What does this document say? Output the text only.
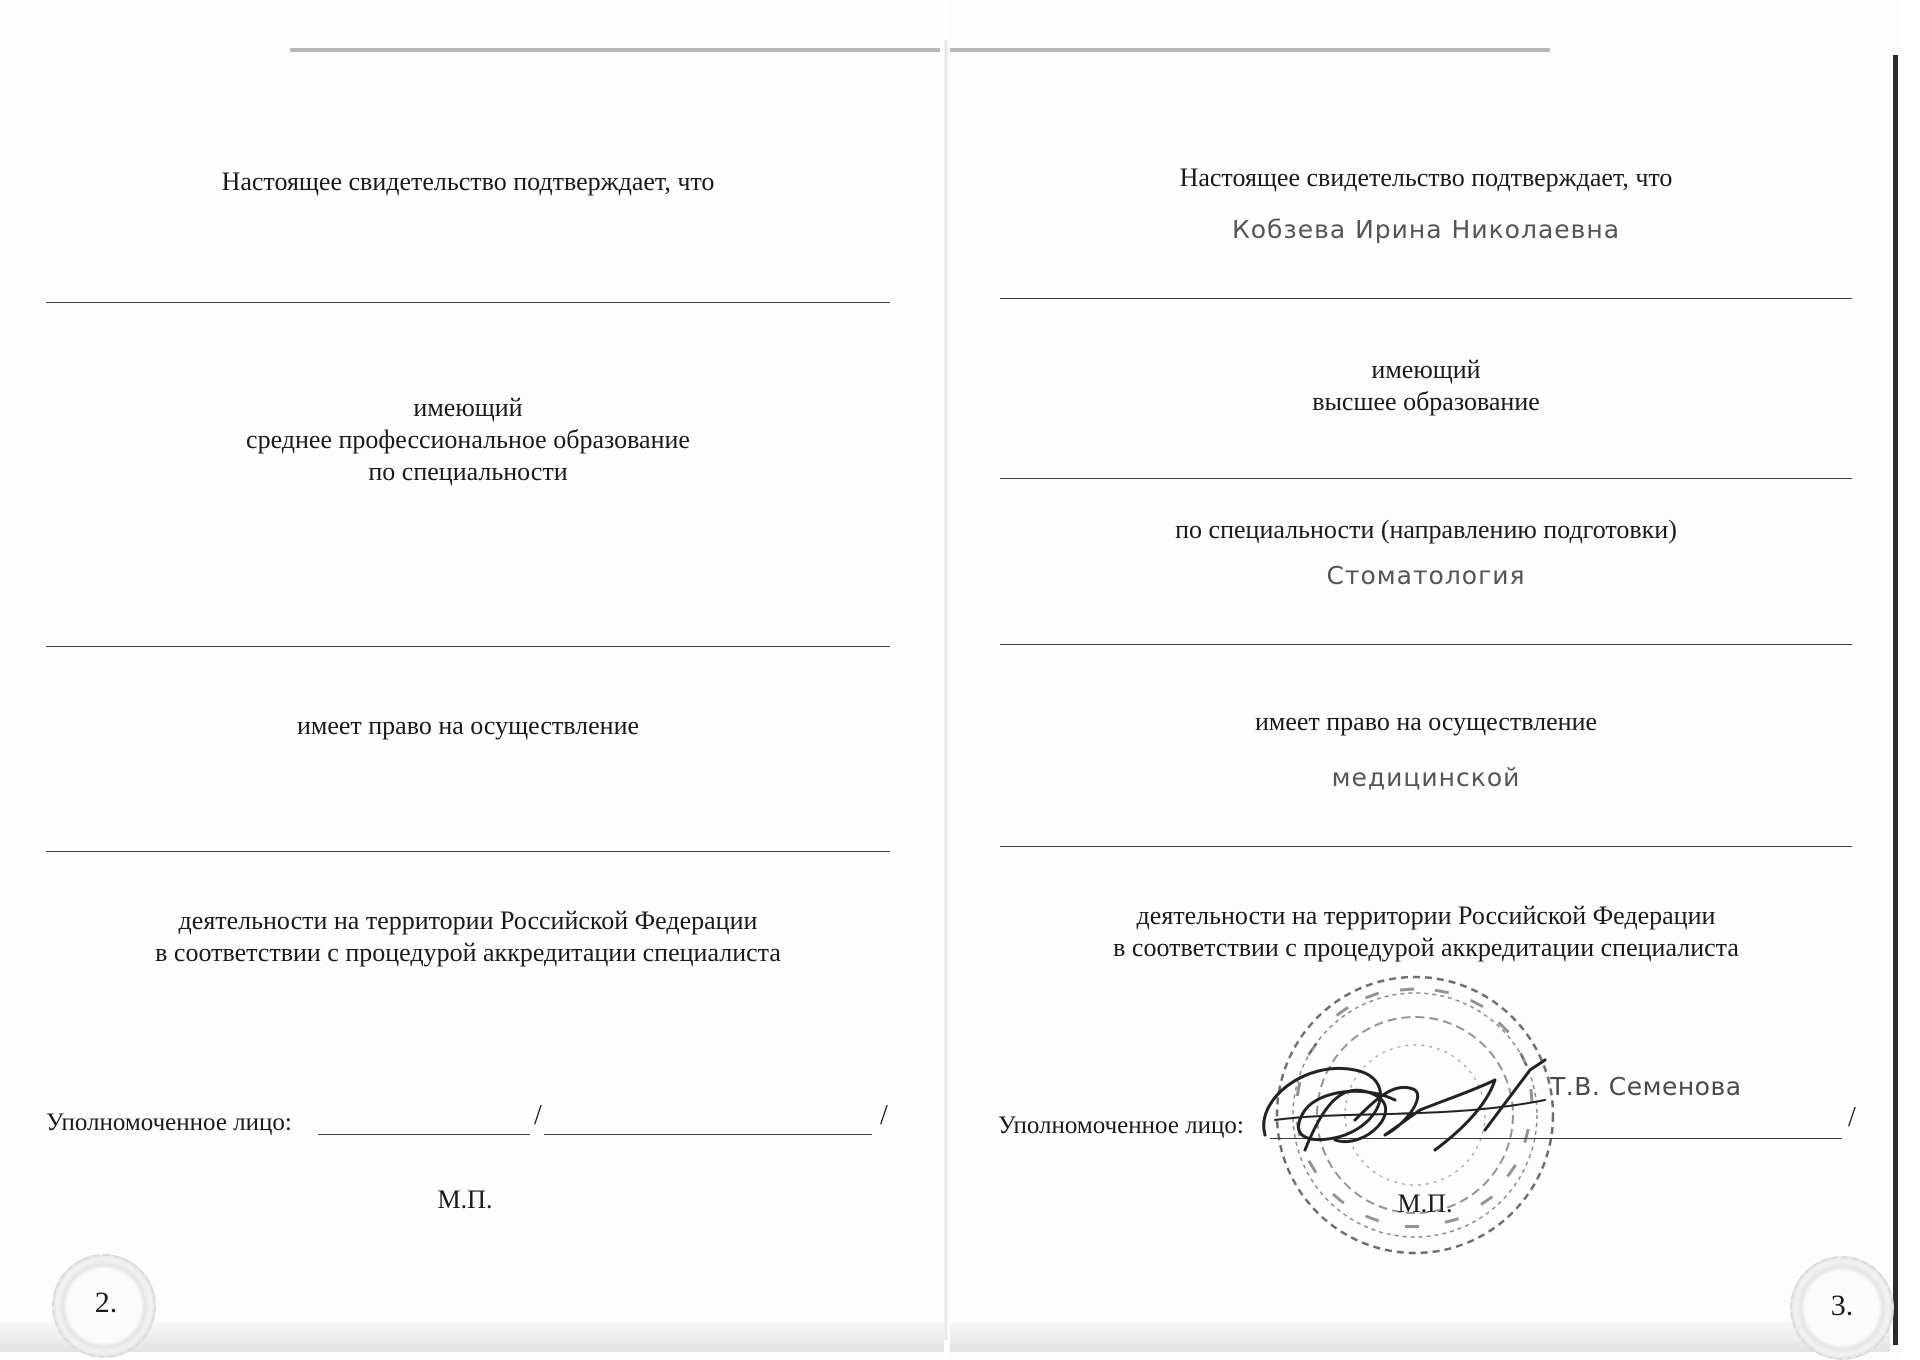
Настоящее свидетельство подтверждает, что
имеющий
среднее профессиональное образование
по специальности
имеет право на осуществление
деятельности на территории Российской Федерации
в соответствии с процедурой аккредитации специалиста
Уполномоченное лицо:	/	/
М.П.
2.
Настоящее свидетельство подтверждает, что
Кобзева Ирина Николаевна
имеющий
высшее образование
по специальности (направлению подготовки)
Стоматология
имеет право на осуществление
медицинской
деятельности на территории Российской Федерации
в соответствии с процедурой аккредитации специалиста
Уполномоченное лицо:	/
Т.В. Семенова
М.П.
3.
